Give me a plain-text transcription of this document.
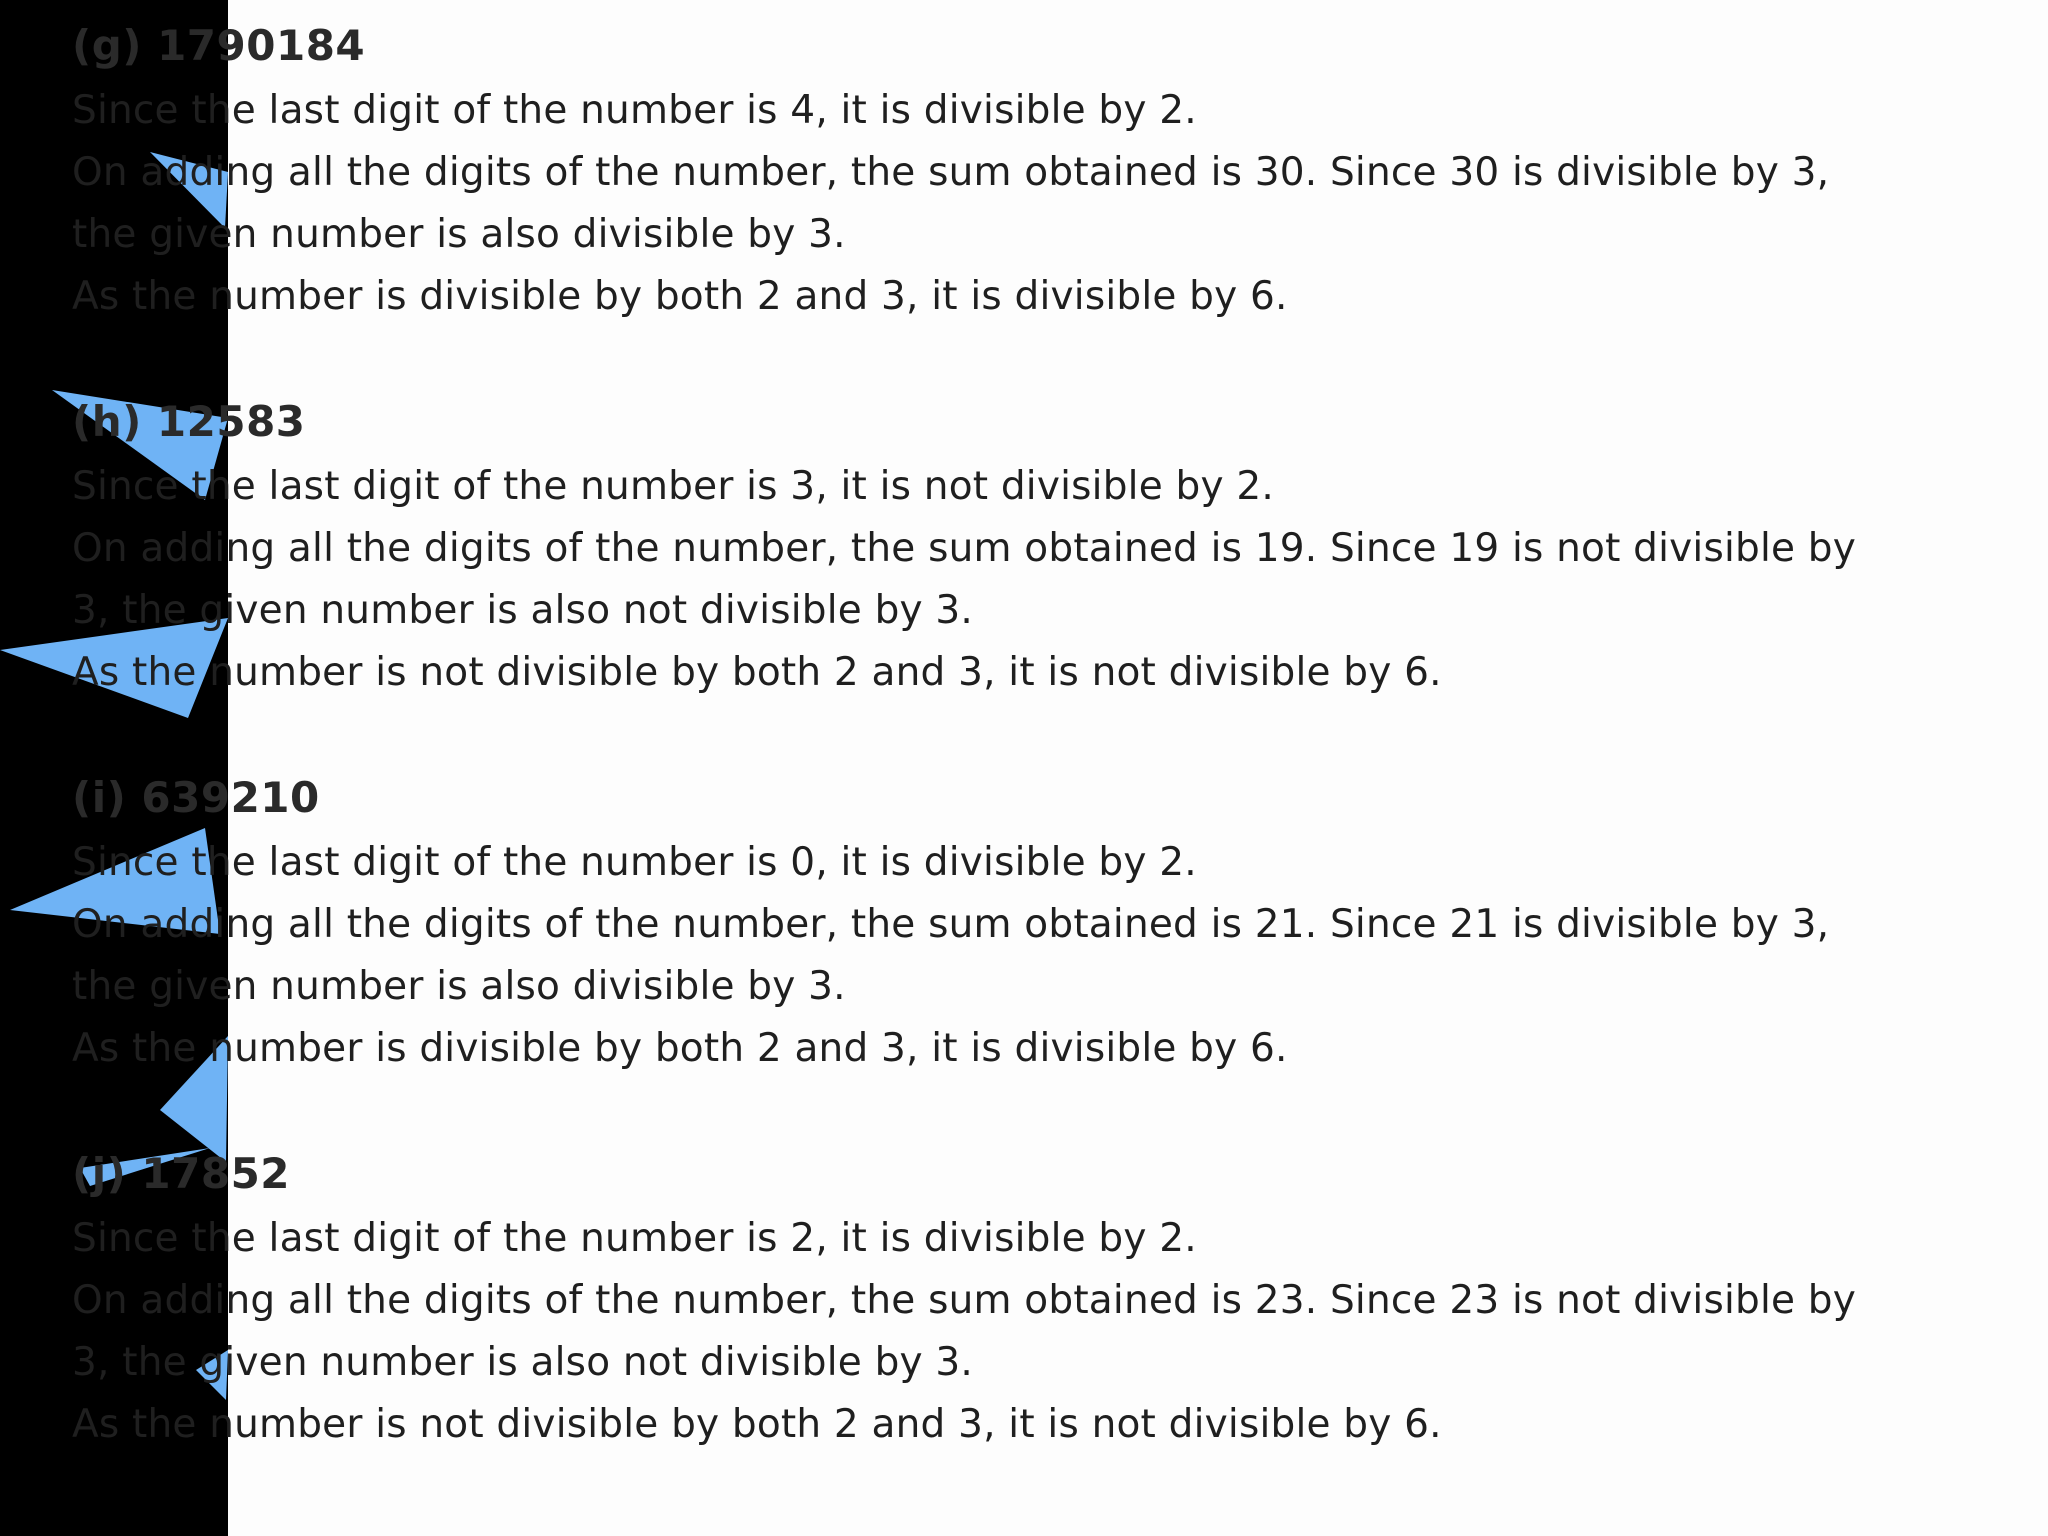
(g) 1790184

Since the last digit of the number is 4, it is divisible by 2.

On adding all the digits of the number, the sum obtained is 30. Since 30 is divisible by 3,

the given number is also divisible by 3.

As the number is divisible by both 2 and 3, it is divisible by 6.

(h) 12583

Since the last digit of the number is 3, it is not divisible by 2.

On adding all the digits of the number, the sum obtained is 19. Since 19 is not divisible by

3, the given number is also not divisible by 3.

As the number is not divisible by both 2 and 3, it is not divisible by 6.

(i) 639210

Since the last digit of the number is 0, it is divisible by 2.

On adding all the digits of the number, the sum obtained is 21. Since 21 is divisible by 3,

the given number is also divisible by 3.

As the number is divisible by both 2 and 3, it is divisible by 6.

(j) 17852

Since the last digit of the number is 2, it is divisible by 2.

On adding all the digits of the number, the sum obtained is 23. Since 23 is not divisible by

3, the given number is also not divisible by 3.

As the number is not divisible by both 2 and 3, it is not divisible by 6.
